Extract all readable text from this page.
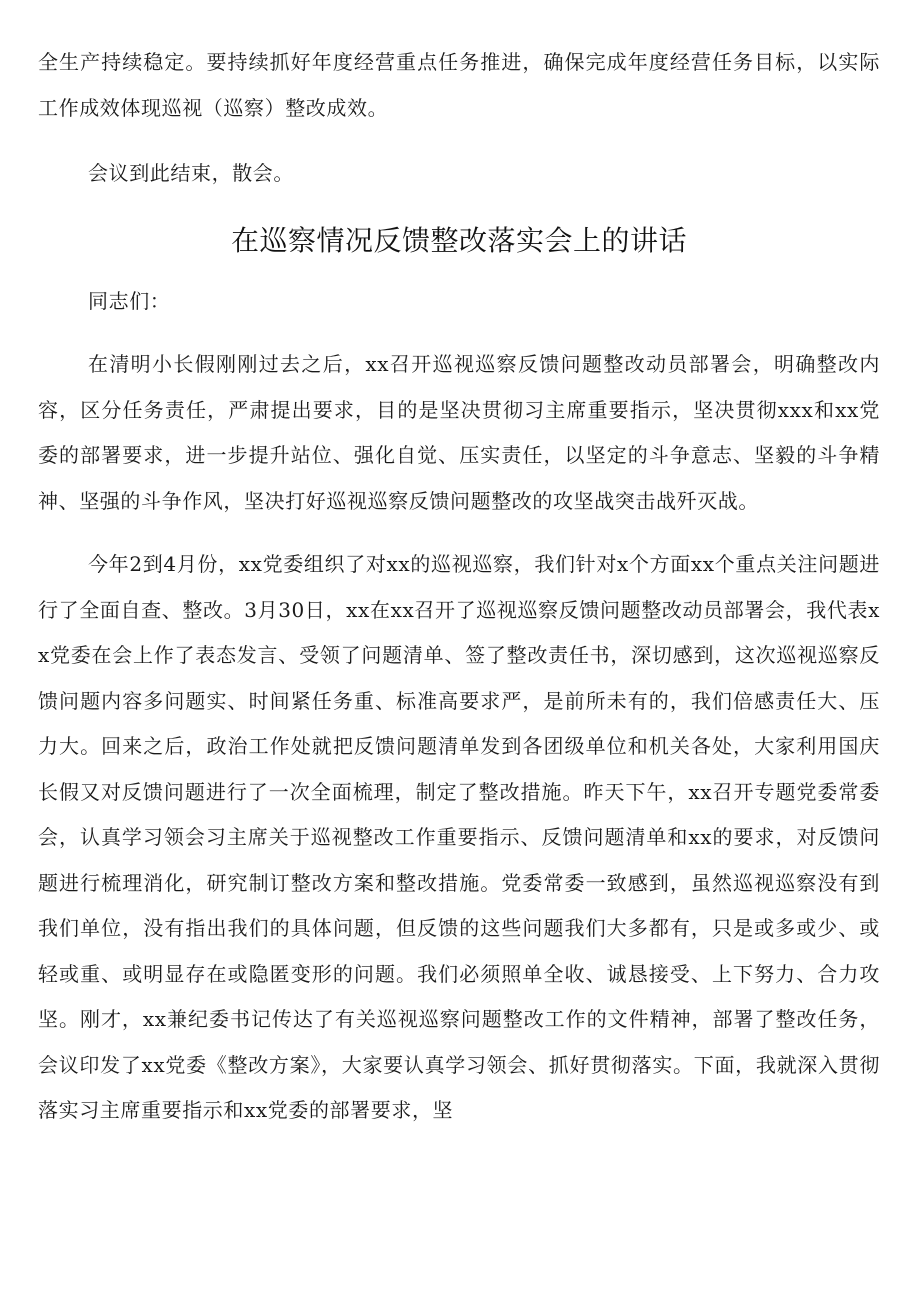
全生产持续稳定。要持续抓好年度经营重点任务推进，确保完成年度经营任务目标，以实际工作成效体现巡视（巡察）整改成效。

会议到此结束，散会。

在巡察情况反馈整改落实会上的讲话

同志们：

在清明小长假刚刚过去之后，xx召开巡视巡察反馈问题整改动员部署会，明确整改内容，区分任务责任，严肃提出要求，目的是坚决贯彻习主席重要指示，坚决贯彻xxx和xx党委的部署要求，进一步提升站位、强化自觉、压实责任，以坚定的斗争意志、坚毅的斗争精神、坚强的斗争作风，坚决打好巡视巡察反馈问题整改的攻坚战突击战歼灭战。

今年2到4月份，xx党委组织了对xx的巡视巡察，我们针对x个方面xx个重点关注问题进行了全面自查、整改。3月30日，xx在xx召开了巡视巡察反馈问题整改动员部署会，我代表xx党委在会上作了表态发言、受领了问题清单、签了整改责任书，深切感到，这次巡视巡察反馈问题内容多问题实、时间紧任务重、标准高要求严，是前所未有的，我们倍感责任大、压力大。回来之后，政治工作处就把反馈问题清单发到各团级单位和机关各处，大家利用国庆长假又对反馈问题进行了一次全面梳理，制定了整改措施。昨天下午，xx召开专题党委常委会，认真学习领会习主席关于巡视整改工作重要指示、反馈问题清单和xx的要求，对反馈问题进行梳理消化，研究制订整改方案和整改措施。党委常委一致感到，虽然巡视巡察没有到我们单位，没有指出我们的具体问题，但反馈的这些问题我们大多都有，只是或多或少、或轻或重、或明显存在或隐匿变形的问题。我们必须照单全收、诚恳接受、上下努力、合力攻坚。刚才，xx兼纪委书记传达了有关巡视巡察问题整改工作的文件精神，部署了整改任务，会议印发了xx党委《整改方案》，大家要认真学习领会、抓好贯彻落实。下面，我就深入贯彻落实习主席重要指示和xx党委的部署要求，坚
